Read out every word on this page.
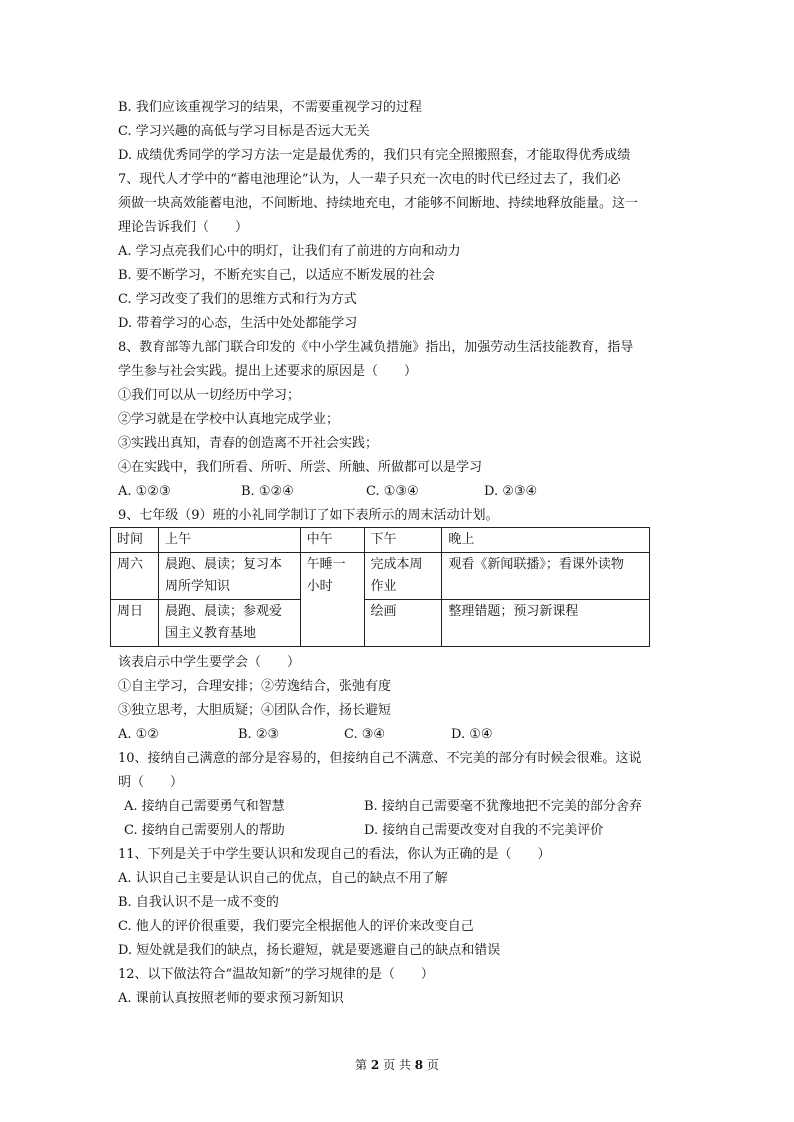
B. 我们应该重视学习的结果，不需要重视学习的过程
C. 学习兴趣的高低与学习目标是否远大无关
D. 成绩优秀同学的学习方法一定是最优秀的，我们只有完全照搬照套，才能取得优秀成绩
7、现代人才学中的“蓄电池理论”认为，人一辈子只充一次电的时代已经过去了，我们必
须做一块高效能蓄电池，不间断地、持续地充电，才能够不间断地、持续地释放能量。这一
理论告诉我们（　　）
A. 学习点亮我们心中的明灯，让我们有了前进的方向和动力
B. 要不断学习，不断充实自己，以适应不断发展的社会
C. 学习改变了我们的思维方式和行为方式
D. 带着学习的心态，生活中处处都能学习
8、教育部等九部门联合印发的《中小学生减负措施》指出，加强劳动生活技能教育，指导
学生参与社会实践。提出上述要求的原因是（　　）
①我们可以从一切经历中学习；
②学习就是在学校中认真地完成学业；
③实践出真知，青春的创造离不开社会实践；
④在实践中，我们所看、所听、所尝、所触、所做都可以是学习
A. ①②③	B. ①②④	C. ①③④	D. ②③④
9、七年级（9）班的小礼同学制订了如下表所示的周末活动计划。
时间	上午	中午	下午	晚上
周六	晨跑、晨读；复习本周所学知识	午睡一小时	完成本周作业	观看《新闻联播》；看课外读物
周日	晨跑、晨读；参观爱国主义教育基地		绘画	整理错题；预习新课程
该表启示中学生要学会（　　）
①自主学习，合理安排；②劳逸结合，张弛有度
③独立思考，大胆质疑；④团队合作，扬长避短
A. ①②	B. ②③	C. ③④	D. ①④
10、接纳自己满意的部分是容易的，但接纳自己不满意、不完美的部分有时候会很难。这说
明（　　）
A. 接纳自己需要勇气和智慧	B. 接纳自己需要毫不犹豫地把不完美的部分舍弃
C. 接纳自己需要别人的帮助	D. 接纳自己需要改变对自我的不完美评价
11、下列是关于中学生要认识和发现自己的看法，你认为正确的是（　　）
A. 认识自己主要是认识自己的优点，自己的缺点不用了解
B. 自我认识不是一成不变的
C. 他人的评价很重要，我们要完全根据他人的评价来改变自己
D. 短处就是我们的缺点，扬长避短，就是要逃避自己的缺点和错误
12、以下做法符合“温故知新”的学习规律的是（　　）
A. 课前认真按照老师的要求预习新知识
第 2 页 共 8 页
